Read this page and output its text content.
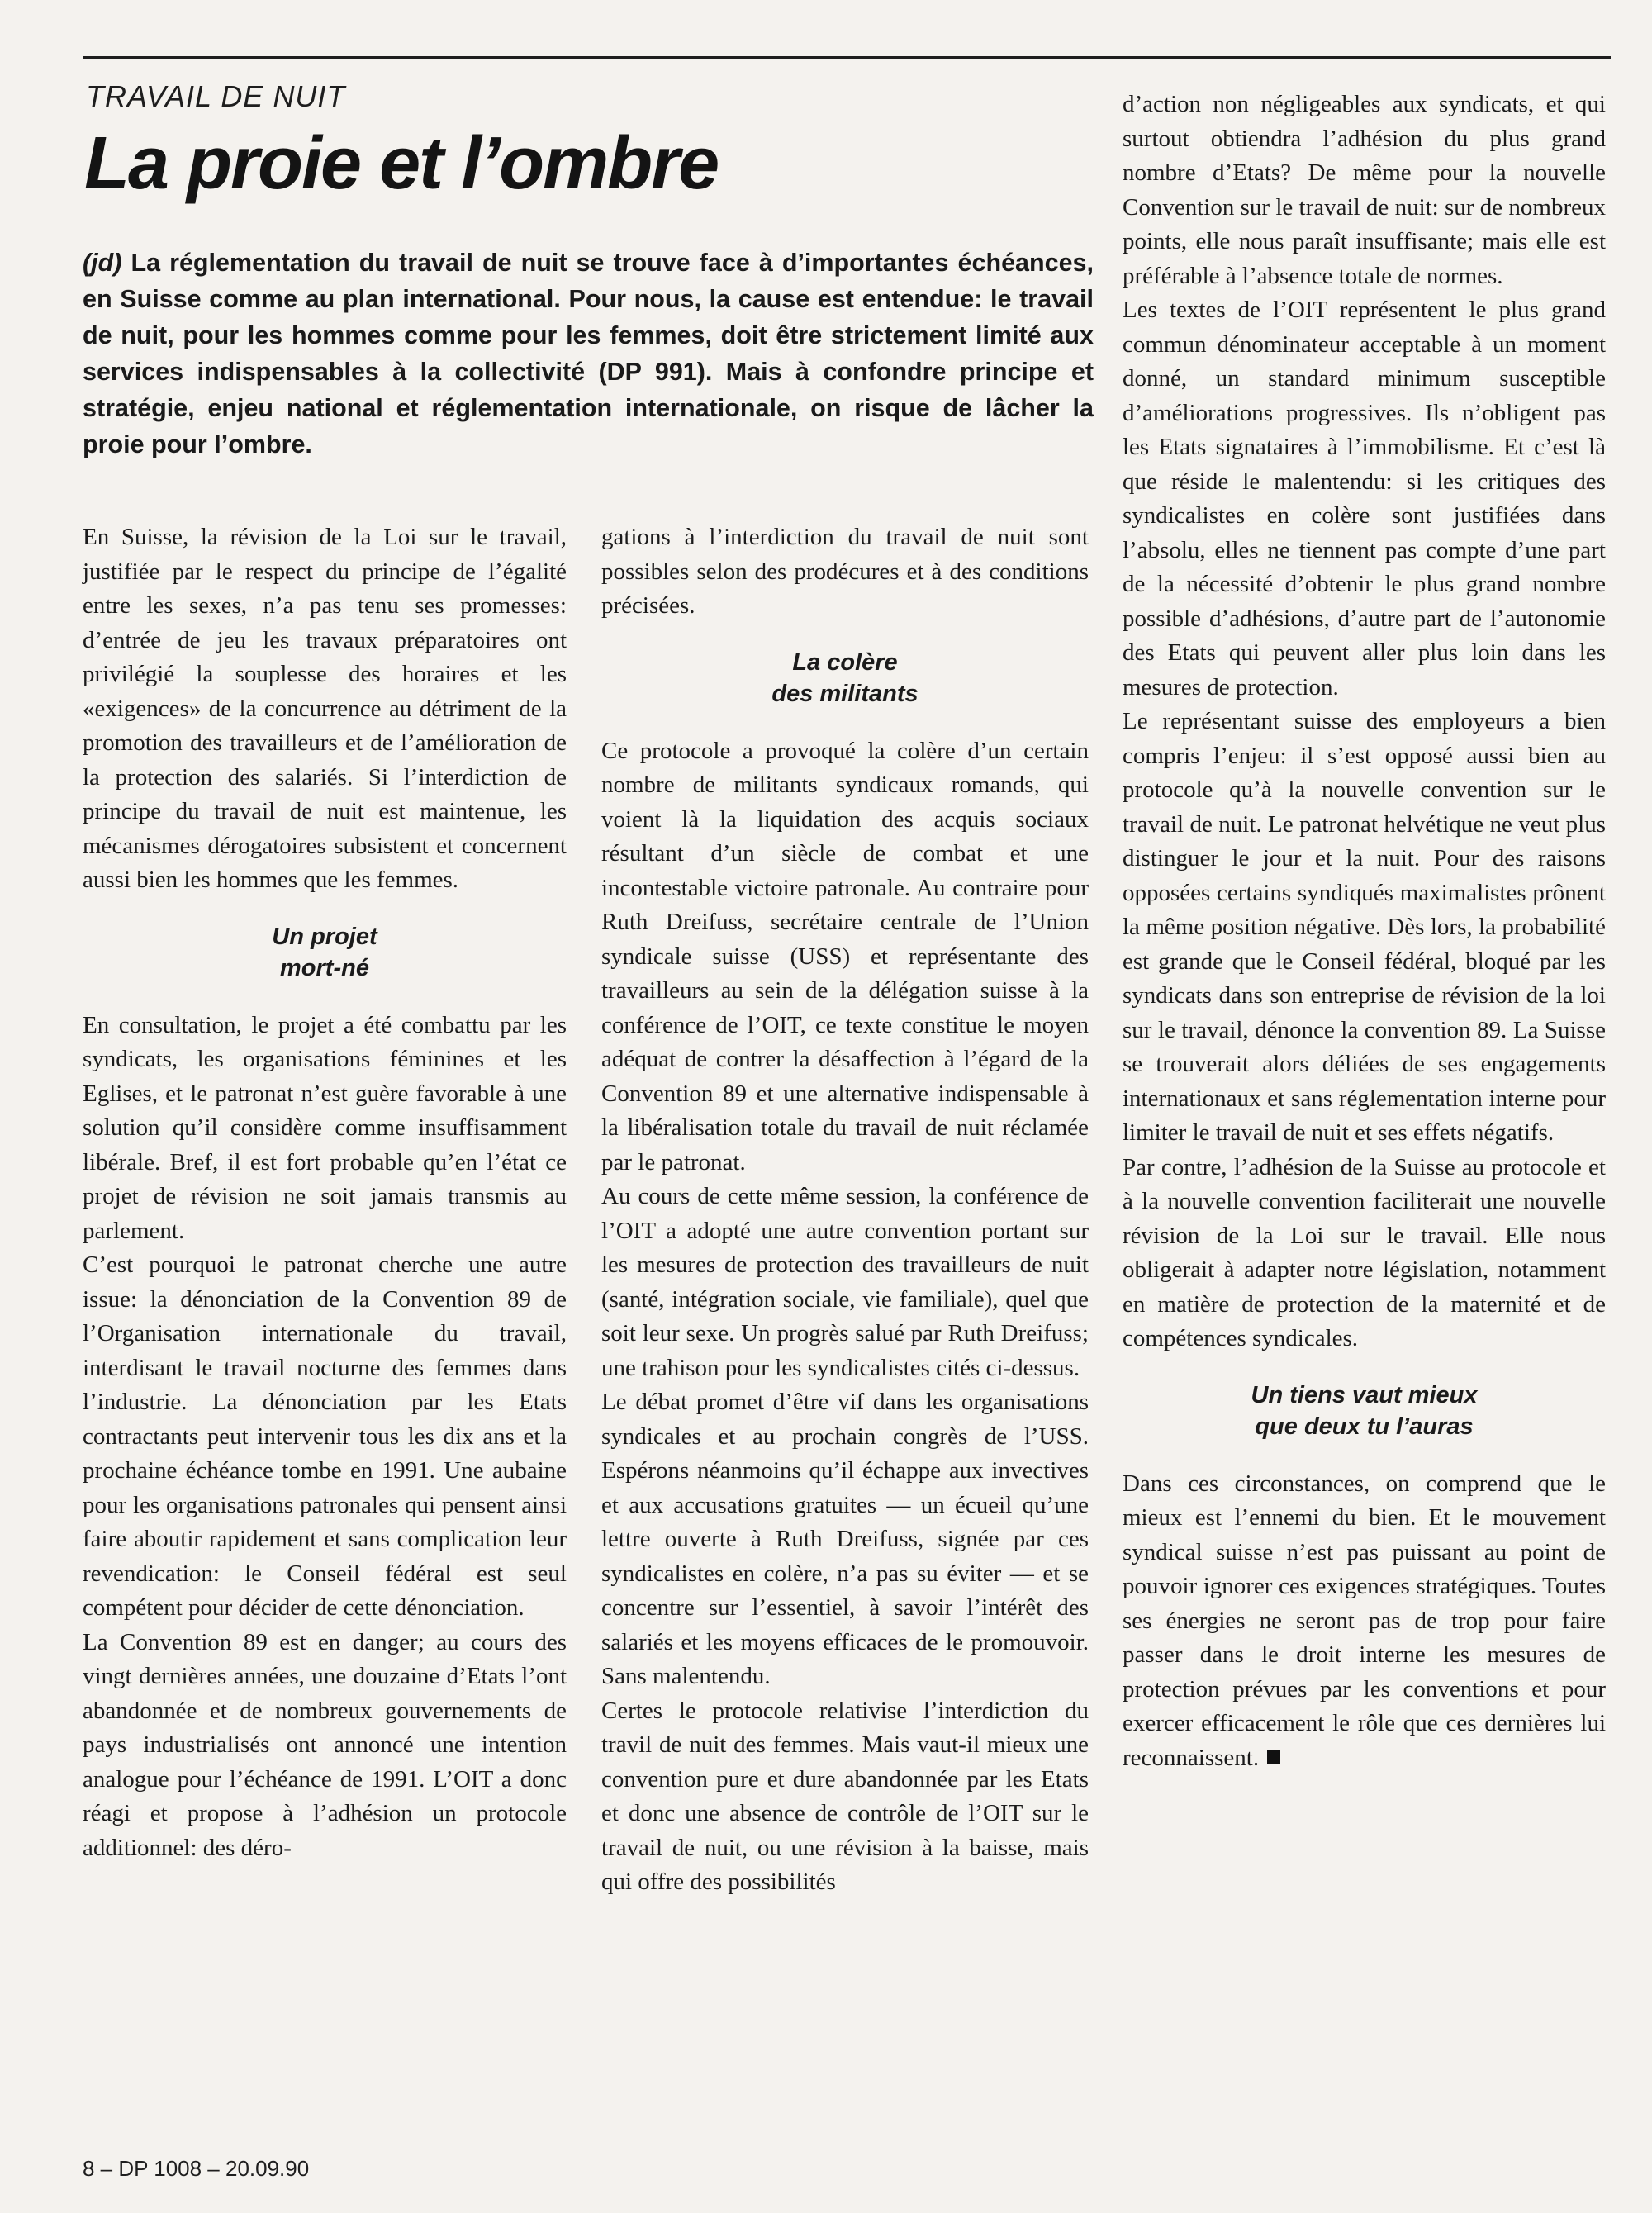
TRAVAIL DE NUIT
La proie et l’ombre

(jd) La réglementation du travail de nuit se trouve face à d’importantes échéances, en Suisse comme au plan international. Pour nous, la cause est entendue: le travail de nuit, pour les hommes comme pour les femmes, doit être strictement limité aux services indispensables à la collectivité (DP 991). Mais à confondre principe et stratégie, enjeu national et réglementation internationale, on risque de lâcher la proie pour l’ombre.

En Suisse, la révision de la Loi sur le travail, justifiée par le respect du principe de l’égalité entre les sexes, n’a pas tenu ses promesses: d’entrée de jeu les travaux préparatoires ont privilégié la souplesse des horaires et les «exigences» de la concurrence au détriment de la promotion des travailleurs et de l’amélioration de la protection des salariés. Si l’interdiction de principe du travail de nuit est maintenue, les mécanismes dérogatoires subsistent et concernent aussi bien les hommes que les femmes.

Un projet
mort-né

En consultation, le projet a été combattu par les syndicats, les organisations féminines et les Eglises, et le patronat n’est guère favorable à une solution qu’il considère comme insuffisamment libérale. Bref, il est fort probable qu’en l’état ce projet de révision ne soit jamais transmis au parlement.

C’est pourquoi le patronat cherche une autre issue: la dénonciation de la Convention 89 de l’Organisation internationale du travail, interdisant le travail nocturne des femmes dans l’industrie. La dénonciation par les Etats contractants peut intervenir tous les dix ans et la prochaine échéance tombe en 1991. Une aubaine pour les organisations patronales qui pensent ainsi faire aboutir rapidement et sans complication leur revendication: le Conseil fédéral est seul compétent pour décider de cette dénonciation.

La Convention 89 est en danger; au cours des vingt dernières années, une douzaine d’Etats l’ont abandonnée et de nombreux gouvernements de pays industrialisés ont annoncé une intention analogue pour l’échéance de 1991. L’OIT a donc réagi et propose à l’adhésion un protocole additionnel: des déro-

gations à l’interdiction du travail de nuit sont possibles selon des prodécures et à des conditions précisées.

La colère
des militants

Ce protocole a provoqué la colère d’un certain nombre de militants syndicaux romands, qui voient là la liquidation des acquis sociaux résultant d’un siècle de combat et une incontestable victoire patronale. Au contraire pour Ruth Dreifuss, secrétaire centrale de l’Union syndicale suisse (USS) et représentante des travailleurs au sein de la délégation suisse à la conférence de l’OIT, ce texte constitue le moyen adéquat de contrer la désaffection à l’égard de la Convention 89 et une alternative indispensable à la libéralisation totale du travail de nuit réclamée par le patronat.

Au cours de cette même session, la conférence de l’OIT a adopté une autre convention portant sur les mesures de protection des travailleurs de nuit (santé, intégration sociale, vie familiale), quel que soit leur sexe. Un progrès salué par Ruth Dreifuss; une trahison pour les syndicalistes cités ci-dessus.

Le débat promet d’être vif dans les organisations syndicales et au prochain congrès de l’USS. Espérons néanmoins qu’il échappe aux invectives et aux accusations gratuites — un écueil qu’une lettre ouverte à Ruth Dreifuss, signée par ces syndicalistes en colère, n’a pas su éviter — et se concentre sur l’essentiel, à savoir l’intérêt des salariés et les moyens efficaces de le promouvoir. Sans malentendu.

Certes le protocole relativise l’interdiction du travil de nuit des femmes. Mais vaut-il mieux une convention pure et dure abandonnée par les Etats et donc une absence de contrôle de l’OIT sur le travail de nuit, ou une révision à la baisse, mais qui offre des possibilités

d’action non négligeables aux syndicats, et qui surtout obtiendra l’adhésion du plus grand nombre d’Etats? De même pour la nouvelle Convention sur le travail de nuit: sur de nombreux points, elle nous paraît insuffisante; mais elle est préférable à l’absence totale de normes.

Les textes de l’OIT représentent le plus grand commun dénominateur acceptable à un moment donné, un standard minimum susceptible d’améliorations progressives. Ils n’obligent pas les Etats signataires à l’immobilisme. Et c’est là que réside le malentendu: si les critiques des syndicalistes en colère sont justifiées dans l’absolu, elles ne tiennent pas compte d’une part de la nécessité d’obtenir le plus grand nombre possible d’adhésions, d’autre part de l’autonomie des Etats qui peuvent aller plus loin dans les mesures de protection.

Le représentant suisse des employeurs a bien compris l’enjeu: il s’est opposé aussi bien au protocole qu’à la nouvelle convention sur le travail de nuit. Le patronat helvétique ne veut plus distinguer le jour et la nuit. Pour des raisons opposées certains syndiqués maximalistes prônent la même position négative. Dès lors, la probabilité est grande que le Conseil fédéral, bloqué par les syndicats dans son entreprise de révision de la loi sur le travail, dénonce la convention 89. La Suisse se trouverait alors déliées de ses engagements internationaux et sans réglementation interne pour limiter le travail de nuit et ses effets négatifs.

Par contre, l’adhésion de la Suisse au protocole et à la nouvelle convention faciliterait une nouvelle révision de la Loi sur le travail. Elle nous obligerait à adapter notre législation, notamment en matière de protection de la maternité et de compétences syndicales.

Un tiens vaut mieux
que deux tu l’auras

Dans ces circonstances, on comprend que le mieux est l’ennemi du bien. Et le mouvement syndical suisse n’est pas puissant au point de pouvoir ignorer ces exigences stratégiques. Toutes ses énergies ne seront pas de trop pour faire passer dans le droit interne les mesures de protection prévues par les conventions et pour exercer efficacement le rôle que ces dernières lui reconnaissent.

8 – DP 1008 – 20.09.90
